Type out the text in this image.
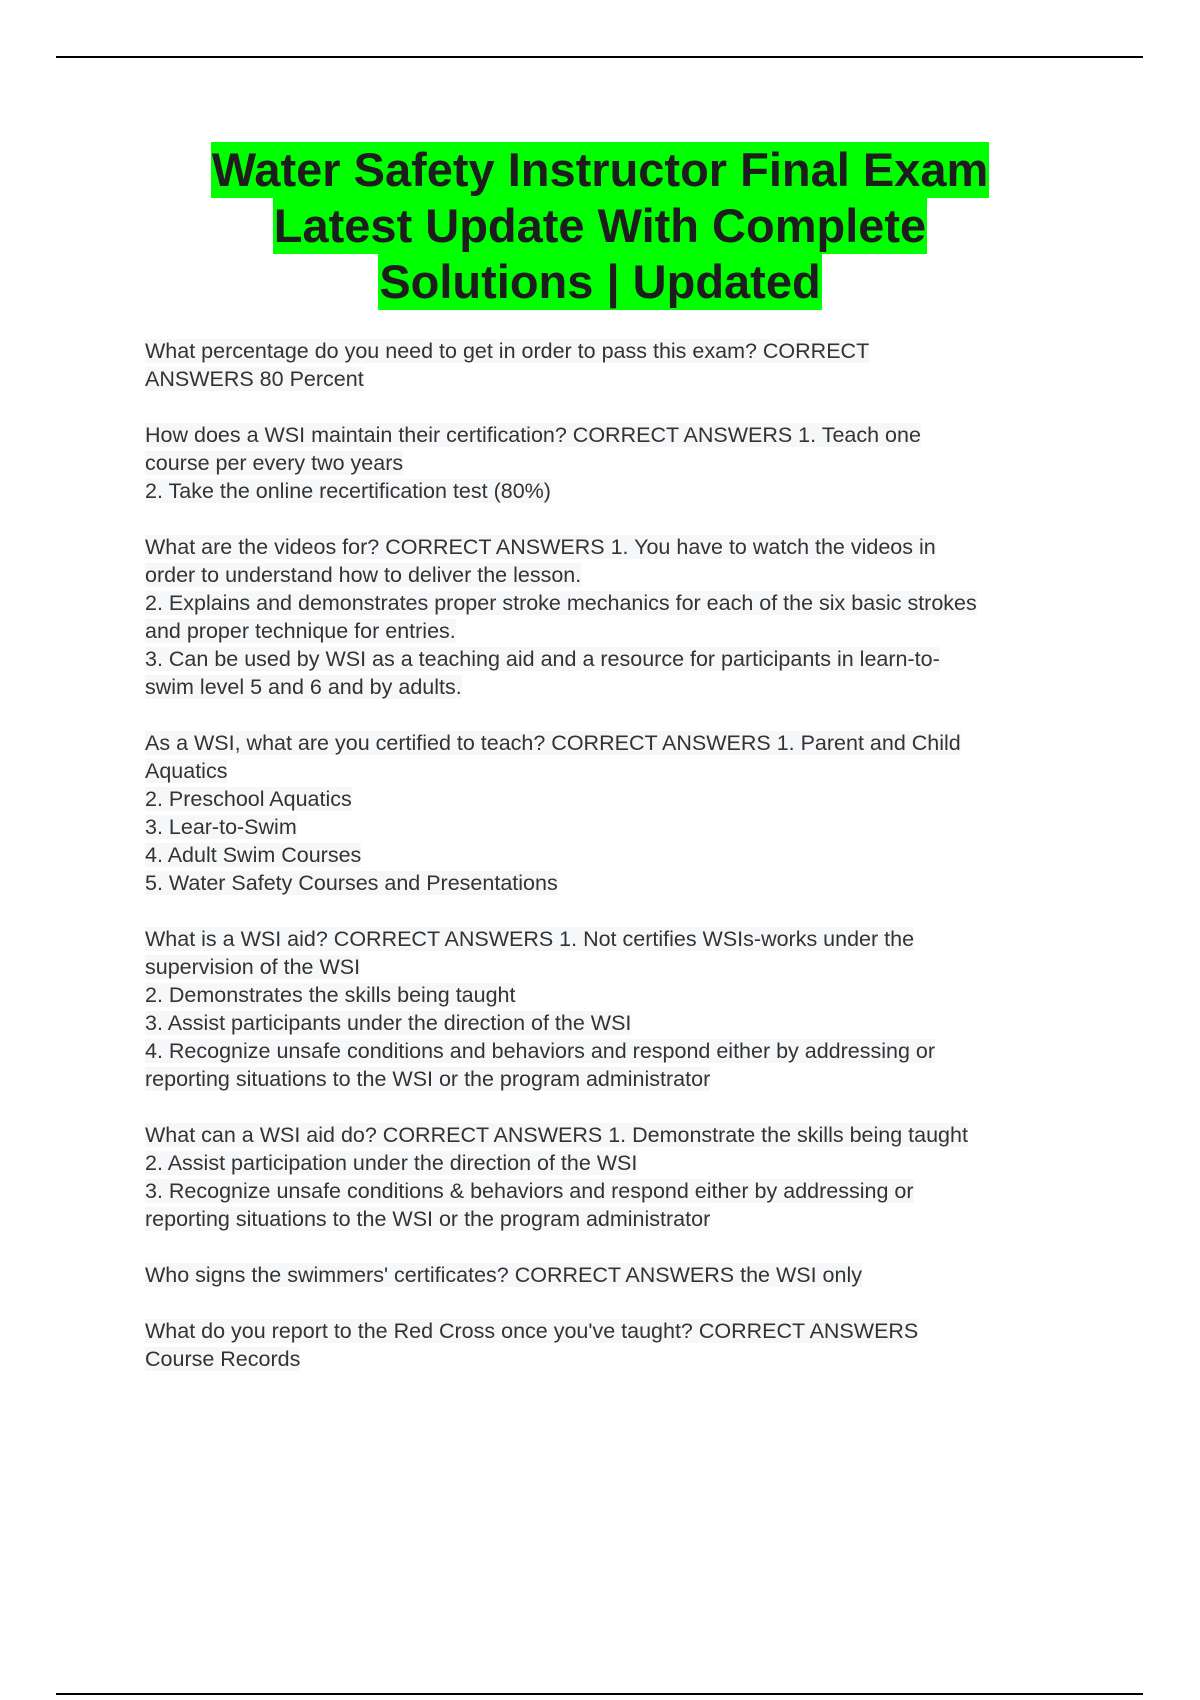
Water Safety Instructor Final Exam
Latest Update With Complete
Solutions | Updated
What percentage do you need to get in order to pass this exam? CORRECT
ANSWERS 80 Percent
How does a WSI maintain their certification? CORRECT ANSWERS 1. Teach one
course per every two years
2. Take the online recertification test (80%)
What are the videos for? CORRECT ANSWERS 1. You have to watch the videos in
order to understand how to deliver the lesson.
2. Explains and demonstrates proper stroke mechanics for each of the six basic strokes
and proper technique for entries.
3. Can be used by WSI as a teaching aid and a resource for participants in learn-to-
swim level 5 and 6 and by adults.
As a WSI, what are you certified to teach? CORRECT ANSWERS 1. Parent and Child
Aquatics
2. Preschool Aquatics
3. Lear-to-Swim
4. Adult Swim Courses
5. Water Safety Courses and Presentations
What is a WSI aid? CORRECT ANSWERS 1. Not certifies WSIs-works under the
supervision of the WSI
2. Demonstrates the skills being taught
3. Assist participants under the direction of the WSI
4. Recognize unsafe conditions and behaviors and respond either by addressing or
reporting situations to the WSI or the program administrator
What can a WSI aid do? CORRECT ANSWERS 1. Demonstrate the skills being taught
2. Assist participation under the direction of the WSI
3. Recognize unsafe conditions & behaviors and respond either by addressing or
reporting situations to the WSI or the program administrator
Who signs the swimmers' certificates? CORRECT ANSWERS the WSI only
What do you report to the Red Cross once you've taught? CORRECT ANSWERS
Course Records
